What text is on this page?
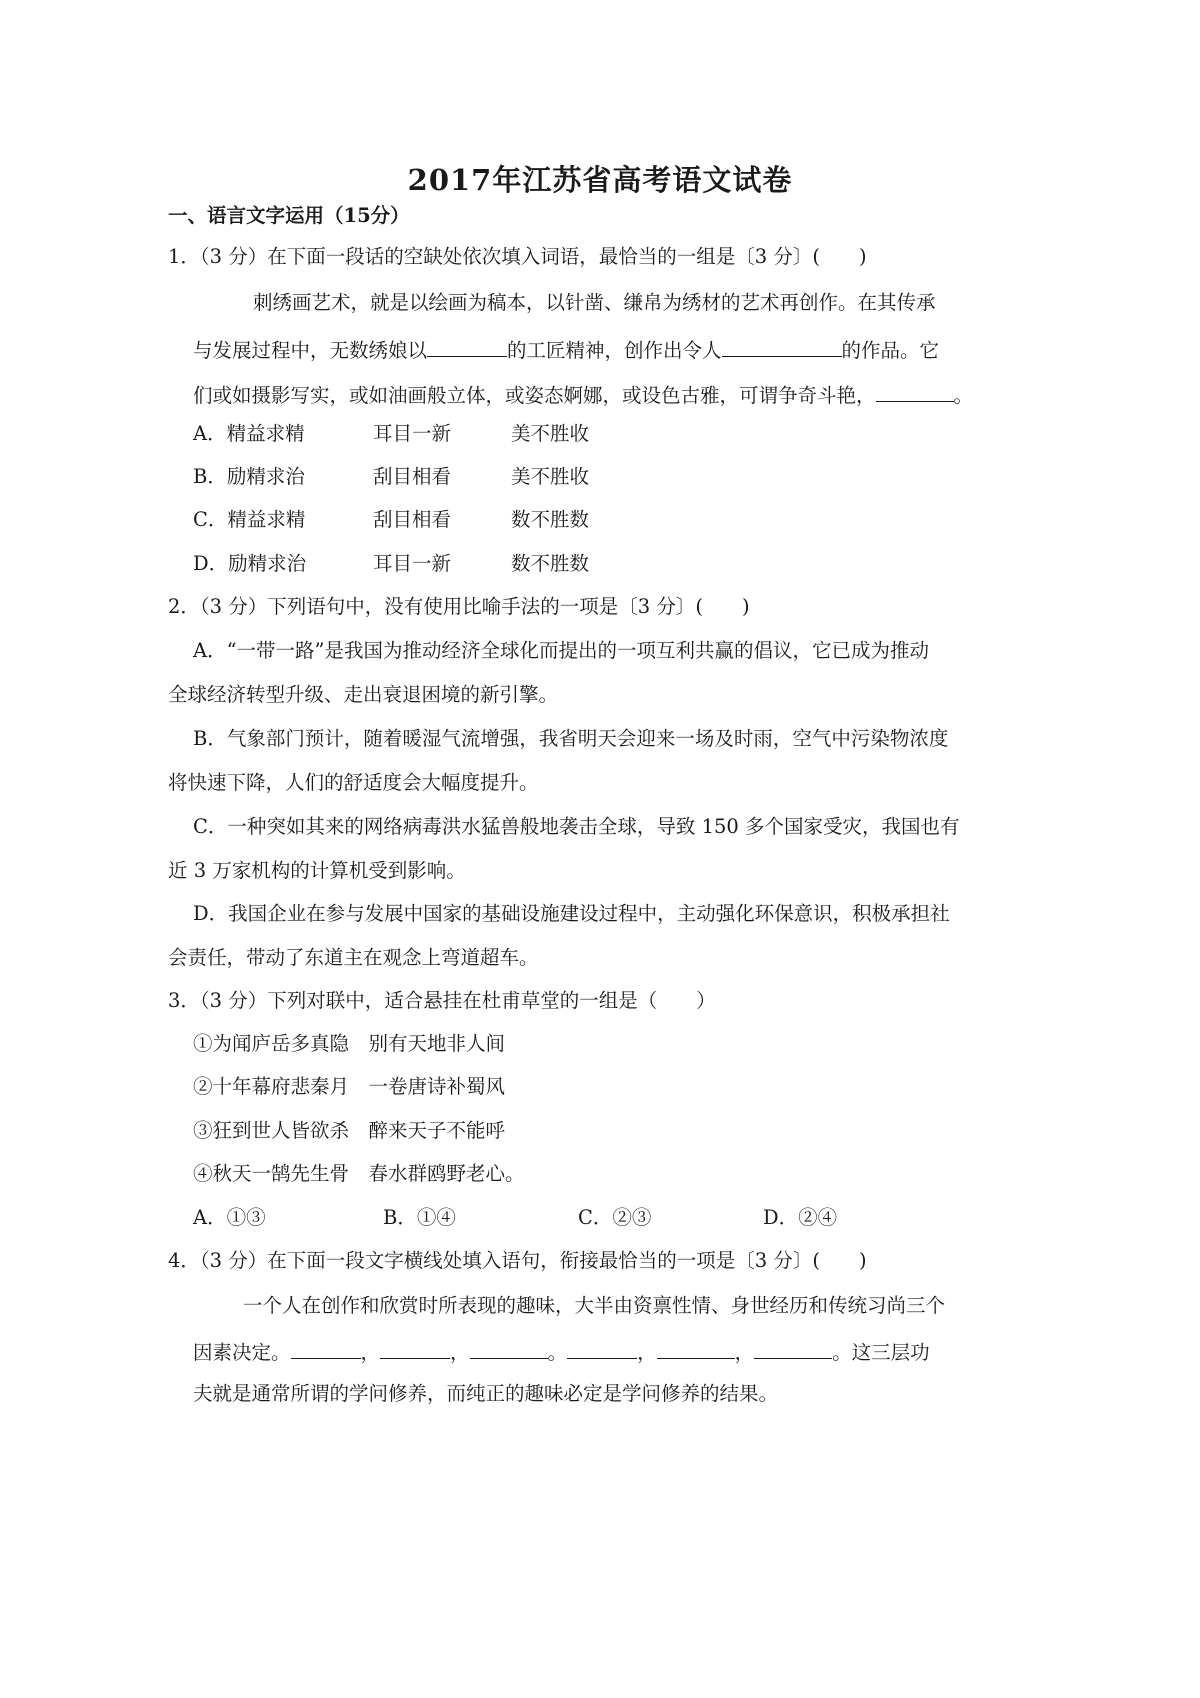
2017年江苏省高考语文试卷
一、语言文字运用（15分）
1．（3 分）在下面一段话的空缺处依次填入词语，最恰当的一组是〔3 分〕(　　)
刺绣画艺术，就是以绘画为稿本，以针凿、缣帛为绣材的艺术再创作。在其传承
与发展过程中，无数绣娘以	的工匠精神，创作出令人	的作品。它
们或如摄影写实，或如油画般立体，或姿态婀娜，或设色古雅，可谓争奇斗艳，	。
A．精益求精	耳目一新	美不胜收
B．励精求治	刮目相看	美不胜收
C．精益求精	刮目相看	数不胜数
D．励精求治	耳目一新	数不胜数
2．（3 分）下列语句中，没有使用比喻手法的一项是〔3 分〕(　　)
A．“一带一路”是我国为推动经济全球化而提出的一项互利共赢的倡议，它已成为推动
全球经济转型升级、走出衰退困境的新引擎。
B．气象部门预计，随着暖湿气流增强，我省明天会迎来一场及时雨，空气中污染物浓度
将快速下降，人们的舒适度会大幅度提升。
C．一种突如其来的网络病毒洪水猛兽般地袭击全球，导致 150 多个国家受灾，我国也有
近 3 万家机构的计算机受到影响。
D．我国企业在参与发展中国家的基础设施建设过程中，主动强化环保意识，积极承担社
会责任，带动了东道主在观念上弯道超车。
3．（3 分）下列对联中，适合悬挂在杜甫草堂的一组是（　　）
①为闻庐岳多真隐　别有天地非人间
②十年幕府悲秦月　一卷唐诗补蜀风
③狂到世人皆欲杀　醉来天子不能呼
④秋天一鹄先生骨　春水群鸥野老心。
A．①③	B．①④	C．②③	D．②④
4．（3 分）在下面一段文字横线处填入语句，衔接最恰当的一项是〔3 分〕(　　)
一个人在创作和欣赏时所表现的趣味，大半由资禀性情、身世经历和传统习尚三个
因素决定。	，	，	。	，	，	。这三层功
夫就是通常所谓的学问修养，而纯正的趣味必定是学问修养的结果。
